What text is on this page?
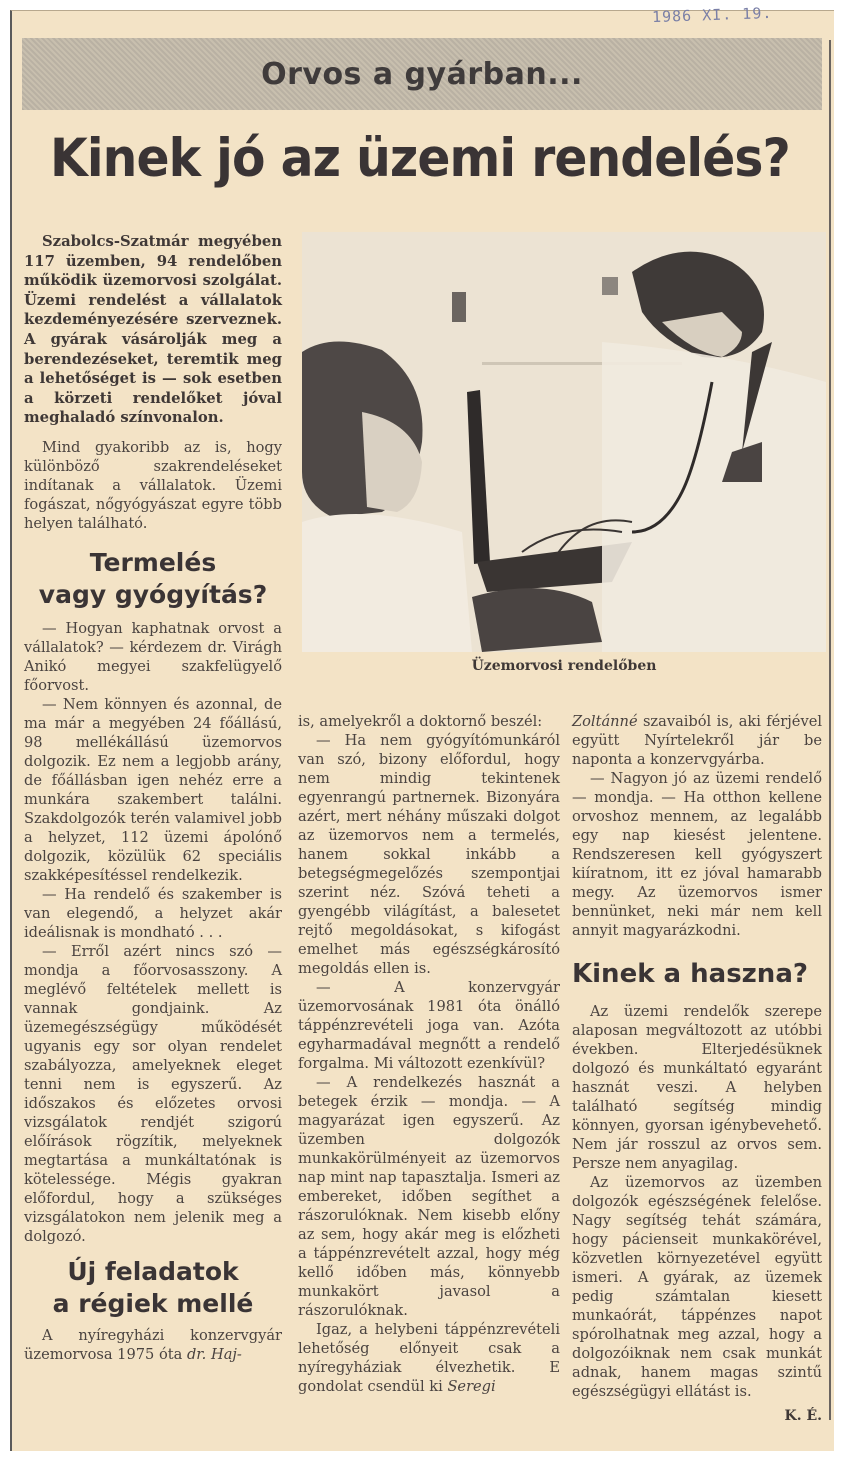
1986 XI. 19.
Orvos a gyárban...
Kinek jó az üzemi rendelés?

Szabolcs-Szatmár megyében 117 üzemben, 94 rendelőben működik üzemorvosi szolgálat. Üzemi rendelést a vállalatok kezdeményezésére szerveznek. A gyárak vásárolják meg a berendezéseket, teremtik meg a lehetőséget is — sok esetben a körzeti rendelőket jóval meghaladó színvonalon.

Mind gyakoribb az is, hogy különböző szakrendeléseket indítanak a vállalatok. Üzemi fogászat, nőgyógyászat egyre több helyen található.

Termelés
vagy gyógyítás?

— Hogyan kaphatnak orvost a vállalatok? — kérdezem dr. Virágh Anikó megyei szakfelügyelő főorvost.

— Nem könnyen és azonnal, de ma már a megyében 24 főállású, 98 mellékállású üzemorvos dolgozik. Ez nem a legjobb arány, de főállásban igen nehéz erre a munkára szakembert találni. Szakdolgozók terén valamivel jobb a helyzet, 112 üzemi ápolónő dolgozik, közülük 62 speciális szakképesítéssel rendelkezik.

— Ha rendelő és szakember is van elegendő, a helyzet akár ideálisnak is mondható . . .

— Erről azért nincs szó — mondja a főorvosasszony. A meglévő feltételek mellett is vannak gondjaink. Az üzemegészségügy működését ugyanis egy sor olyan rendelet szabályozza, amelyeknek eleget tenni nem is egyszerű. Az időszakos és előzetes orvosi vizsgálatok rendjét szigorú előírások rögzítik, melyeknek megtartása a munkáltatónak is kötelessége. Mégis gyakran előfordul, hogy a szükséges vizsgálatokon nem jelenik meg a dolgozó.

Új feladatok
a régiek mellé

A nyíregyházi konzervgyár üzemorvosa 1975 óta dr. Haj-

Üzemorvosi rendelőben

is, amelyekről a doktornő beszél:

— Ha nem gyógyítómunkáról van szó, bizony előfordul, hogy nem mindig tekintenek egyenrangú partnernek. Bizonyára azért, mert néhány műszaki dolgot az üzemorvos nem a termelés, hanem sokkal inkább a betegségmegelőzés szempontjai szerint néz. Szóvá teheti a gyengébb világítást, a balesetet rejtő megoldásokat, s kifogást emelhet más egészségkárosító megoldás ellen is.

— A konzervgyár üzemorvosának 1981 óta önálló táppénzrevételi joga van. Azóta egyharmadával megnőtt a rendelő forgalma. Mi változott ezenkívül?

— A rendelkezés hasznát a betegek érzik — mondja. — A magyarázat igen egyszerű. Az üzemben dolgozók munkakörülményeit az üzemorvos nap mint nap tapasztalja. Ismeri az embereket, időben segíthet a rászorulóknak. Nem kisebb előny az sem, hogy akár meg is előzheti a táppénzrevételt azzal, hogy még kellő időben más, könnyebb munkakört javasol a rászorulóknak.

Igaz, a helybeni táppénzrevételi lehetőség előnyeit csak a nyíregyháziak élvezhetik. E gondolat csendül ki Seregi

Zoltánné szavaiból is, aki férjével együtt Nyírtelekről jár be naponta a konzervgyárba.

— Nagyon jó az üzemi rendelő — mondja. — Ha otthon kellene orvoshoz mennem, az legalább egy nap kiesést jelentene. Rendszeresen kell gyógyszert kiíratnom, itt ez jóval hamarabb megy. Az üzemorvos ismer bennünket, neki már nem kell annyit magyarázkodni.

Kinek a haszna?

Az üzemi rendelők szerepe alaposan megváltozott az utóbbi években. Elterjedésüknek dolgozó és munkáltató egyaránt hasznát veszi. A helyben található segítség mindig könnyen, gyorsan igénybevehető. Nem jár rosszul az orvos sem. Persze nem anyagilag.

Az üzemorvos az üzemben dolgozók egészségének felelőse. Nagy segítség tehát számára, hogy pácienseit munkakörével, közvetlen környezetével együtt ismeri. A gyárak, az üzemek pedig számtalan kiesett munkaórát, táppénzes napot spórolhatnak meg azzal, hogy a dolgozóiknak nem csak munkát adnak, hanem magas szintű egészségügyi ellátást is.

K. É.
